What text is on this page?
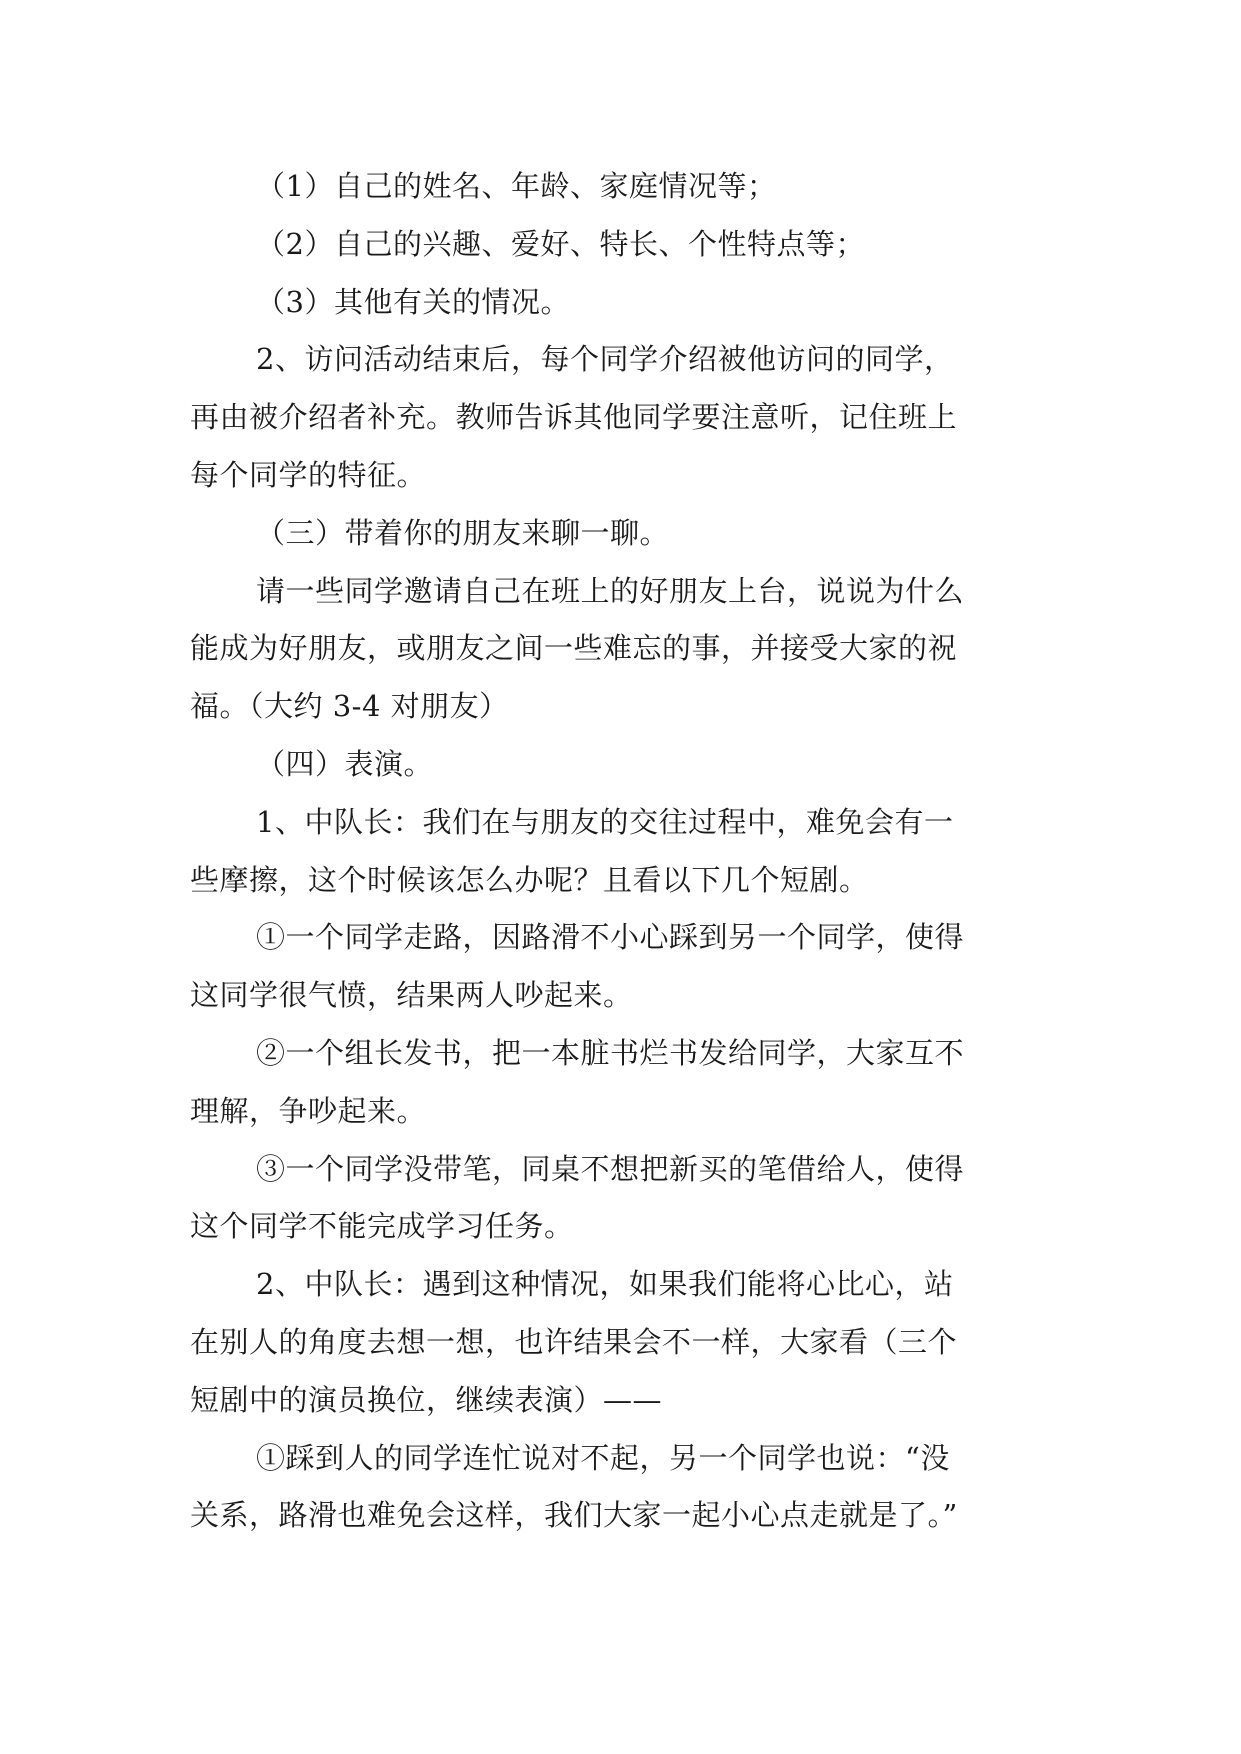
（1）自己的姓名、年龄、家庭情况等；

（2）自己的兴趣、爱好、特长、个性特点等；

（3）其他有关的情况。

2、访问活动结束后，每个同学介绍被他访问的同学，
再由被介绍者补充。教师告诉其他同学要注意听，记住班上
每个同学的特征。

（三）带着你的朋友来聊一聊。

请一些同学邀请自己在班上的好朋友上台，说说为什么
能成为好朋友，或朋友之间一些难忘的事，并接受大家的祝
福。（大约 3-4 对朋友）

（四）表演。

1、中队长：我们在与朋友的交往过程中，难免会有一
些摩擦，这个时候该怎么办呢？且看以下几个短剧。

①一个同学走路，因路滑不小心踩到另一个同学，使得
这同学很气愤，结果两人吵起来。

②一个组长发书，把一本脏书烂书发给同学，大家互不
理解，争吵起来。

③一个同学没带笔，同桌不想把新买的笔借给人，使得
这个同学不能完成学习任务。

2、中队长：遇到这种情况，如果我们能将心比心，站
在别人的角度去想一想，也许结果会不一样，大家看（三个
短剧中的演员换位，继续表演）——

①踩到人的同学连忙说对不起，另一个同学也说：“没
关系，路滑也难免会这样，我们大家一起小心点走就是了。”
